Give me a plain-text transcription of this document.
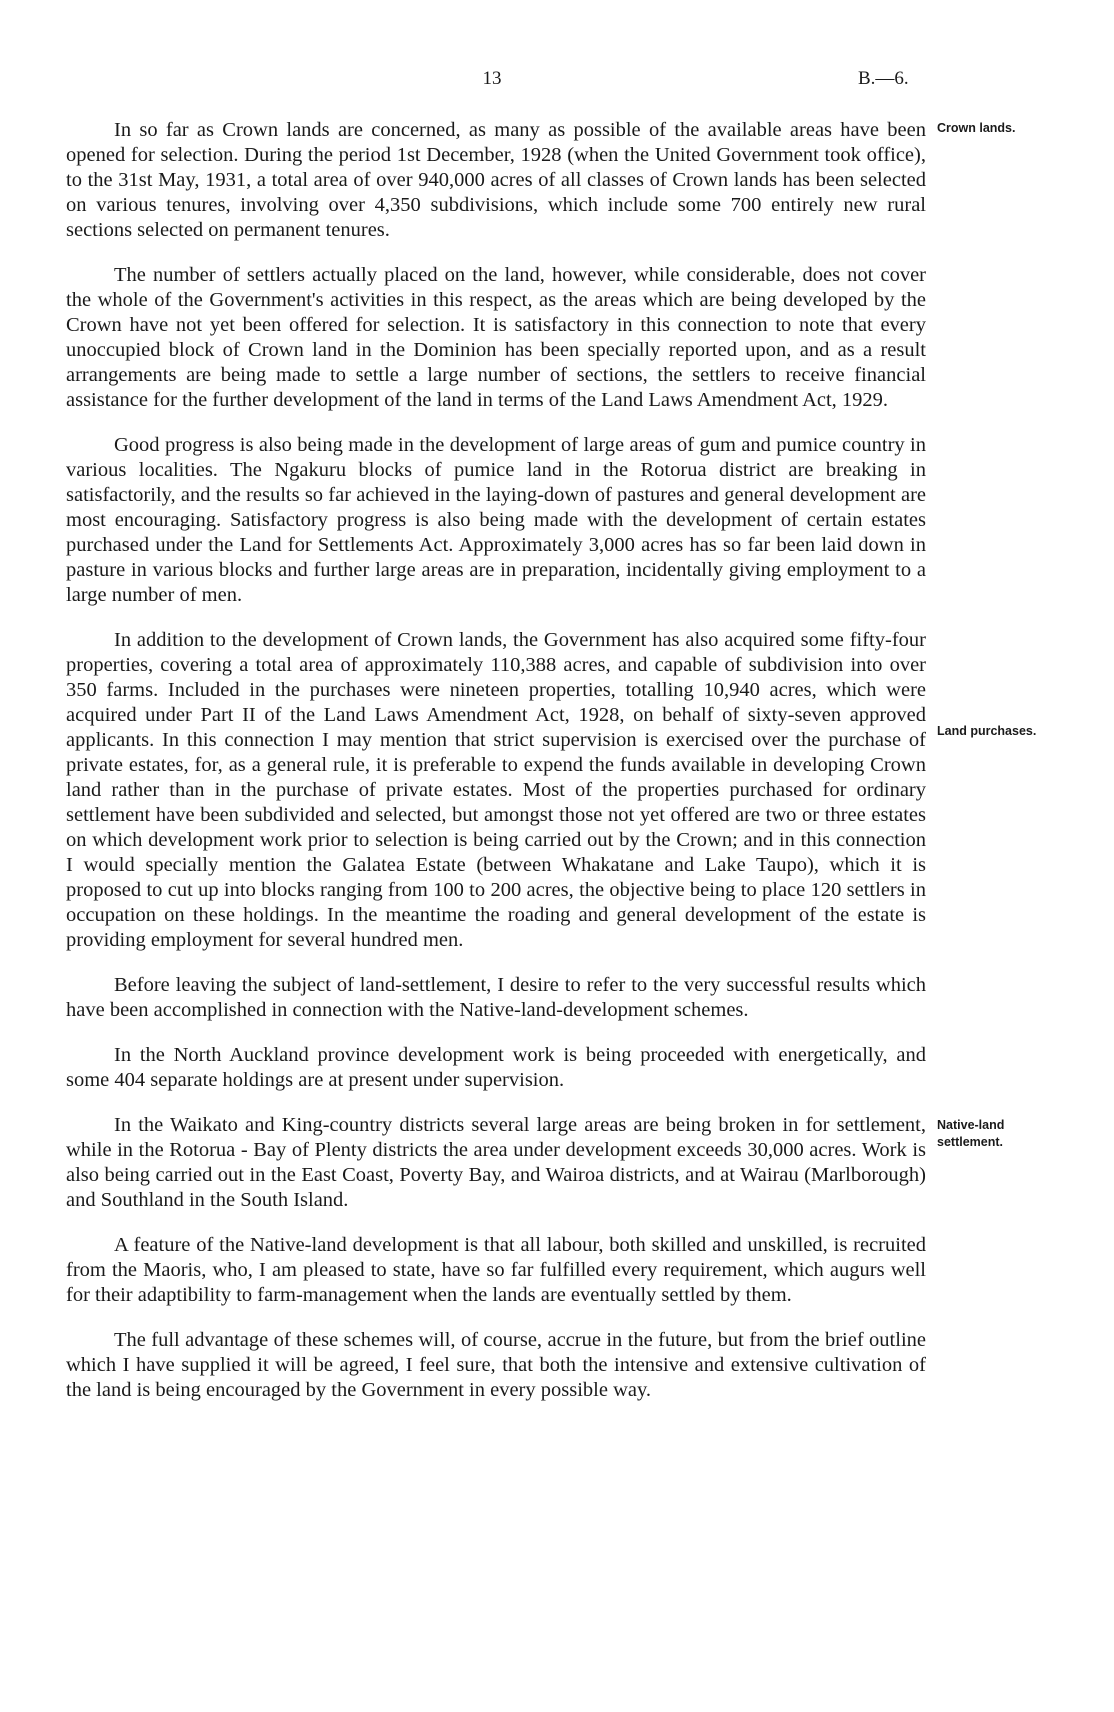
13	B.—6.
Crown lands.
Land purchases.
Native-land settlement.

In so far as Crown lands are concerned, as many as possible of the available areas have been opened for selection. During the period 1st December, 1928 (when the United Government took office), to the 31st May, 1931, a total area of over 940,000 acres of all classes of Crown lands has been selected on various tenures, involving over 4,350 subdivisions, which include some 700 entirely new rural sections selected on permanent tenures.

The number of settlers actually placed on the land, however, while considerable, does not cover the whole of the Government's activities in this respect, as the areas which are being developed by the Crown have not yet been offered for selection. It is satisfactory in this connection to note that every unoccupied block of Crown land in the Dominion has been specially reported upon, and as a result arrangements are being made to settle a large number of sections, the settlers to receive financial assistance for the further development of the land in terms of the Land Laws Amendment Act, 1929.

Good progress is also being made in the development of large areas of gum and pumice country in various localities. The Ngakuru blocks of pumice land in the Rotorua district are breaking in satisfactorily, and the results so far achieved in the laying-down of pastures and general development are most encouraging. Satisfactory progress is also being made with the development of certain estates purchased under the Land for Settlements Act. Approximately 3,000 acres has so far been laid down in pasture in various blocks and further large areas are in preparation, incidentally giving employment to a large number of men.

In addition to the development of Crown lands, the Government has also acquired some fifty-four properties, covering a total area of approximately 110,388 acres, and capable of subdivision into over 350 farms. Included in the purchases were nineteen properties, totalling 10,940 acres, which were acquired under Part II of the Land Laws Amendment Act, 1928, on behalf of sixty-seven approved applicants. In this connection I may mention that strict supervision is exercised over the purchase of private estates, for, as a general rule, it is preferable to expend the funds available in developing Crown land rather than in the purchase of private estates. Most of the properties purchased for ordinary settlement have been subdivided and selected, but amongst those not yet offered are two or three estates on which development work prior to selection is being carried out by the Crown; and in this connection I would specially mention the Galatea Estate (between Whakatane and Lake Taupo), which it is proposed to cut up into blocks ranging from 100 to 200 acres, the objective being to place 120 settlers in occupation on these holdings. In the meantime the roading and general development of the estate is providing employment for several hundred men.

Before leaving the subject of land-settlement, I desire to refer to the very successful results which have been accomplished in connection with the Native-land-development schemes.

In the North Auckland province development work is being proceeded with energetically, and some 404 separate holdings are at present under supervision.

In the Waikato and King-country districts several large areas are being broken in for settlement, while in the Rotorua - Bay of Plenty districts the area under development exceeds 30,000 acres. Work is also being carried out in the East Coast, Poverty Bay, and Wairoa districts, and at Wairau (Marlborough) and Southland in the South Island.

A feature of the Native-land development is that all labour, both skilled and unskilled, is recruited from the Maoris, who, I am pleased to state, have so far fulfilled every requirement, which augurs well for their adaptibility to farm-management when the lands are eventually settled by them.

The full advantage of these schemes will, of course, accrue in the future, but from the brief outline which I have supplied it will be agreed, I feel sure, that both the intensive and extensive cultivation of the land is being encouraged by the Government in every possible way.
